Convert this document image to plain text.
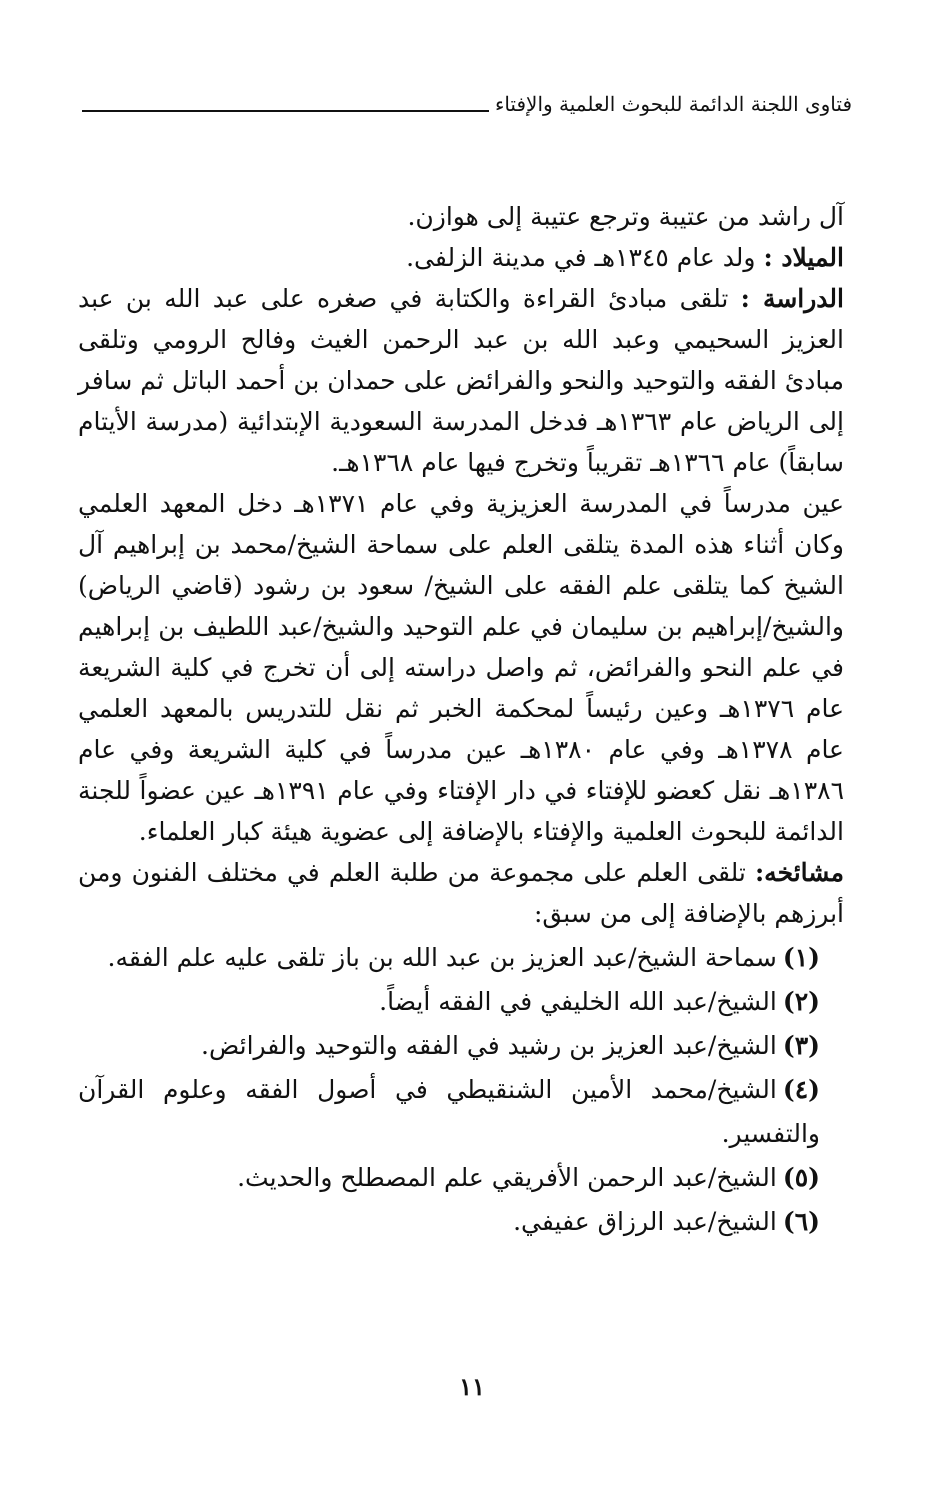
فتاوى اللجنة الدائمة للبحوث العلمية والإفتاء

آل راشد من عتيبة وترجع عتيبة إلى هوازن.

الميلاد : ولد عام ١٣٤٥هـ في مدينة الزلفى.

الدراسة : تلقى مبادئ القراءة والكتابة في صغره على عبد الله بن عبد العزيز السحيمي وعبد الله بن عبد الرحمن الغيث وفالح الرومي وتلقى مبادئ الفقه والتوحيد والنحو والفرائض على حمدان بن أحمد الباتل ثم سافر إلى الرياض عام ١٣٦٣هـ فدخل المدرسة السعودية الإبتدائية (مدرسة الأيتام سابقاً) عام ١٣٦٦هـ تقريباً وتخرج فيها عام ١٣٦٨هـ.

عين مدرساً في المدرسة العزيزية وفي عام ١٣٧١هـ دخل المعهد العلمي وكان أثناء هذه المدة يتلقى العلم على سماحة الشيخ/محمد بن إبراهيم آل الشيخ كما يتلقى علم الفقه على الشيخ/ سعود بن رشود (قاضي الرياض) والشيخ/إبراهيم بن سليمان في علم التوحيد والشيخ/عبد اللطيف بن إبراهيم في علم النحو والفرائض، ثم واصل دراسته إلى أن تخرج في كلية الشريعة عام ١٣٧٦هـ وعين رئيساً لمحكمة الخبر ثم نقل للتدريس بالمعهد العلمي عام ١٣٧٨هـ وفي عام ١٣٨٠هـ عين مدرساً في كلية الشريعة وفي عام ١٣٨٦هـ نقل كعضو للإفتاء في دار الإفتاء وفي عام ١٣٩١هـ عين عضواً للجنة الدائمة للبحوث العلمية والإفتاء بالإضافة إلى عضوية هيئة كبار العلماء.

مشائخه: تلقى العلم على مجموعة من طلبة العلم في مختلف الفنون ومن أبرزهم بالإضافة إلى من سبق:

(١)سماحة الشيخ/عبد العزيز بن عبد الله بن باز تلقى عليه علم الفقه.
(٢)الشيخ/عبد الله الخليفي في الفقه أيضاً.
(٣)الشيخ/عبد العزيز بن رشيد في الفقه والتوحيد والفرائض.
(٤)الشيخ/محمد الأمين الشنقيطي في أصول الفقه وعلوم القرآن والتفسير.
(٥)الشيخ/عبد الرحمن الأفريقي علم المصطلح والحديث.
(٦)الشيخ/عبد الرزاق عفيفي.
١١
